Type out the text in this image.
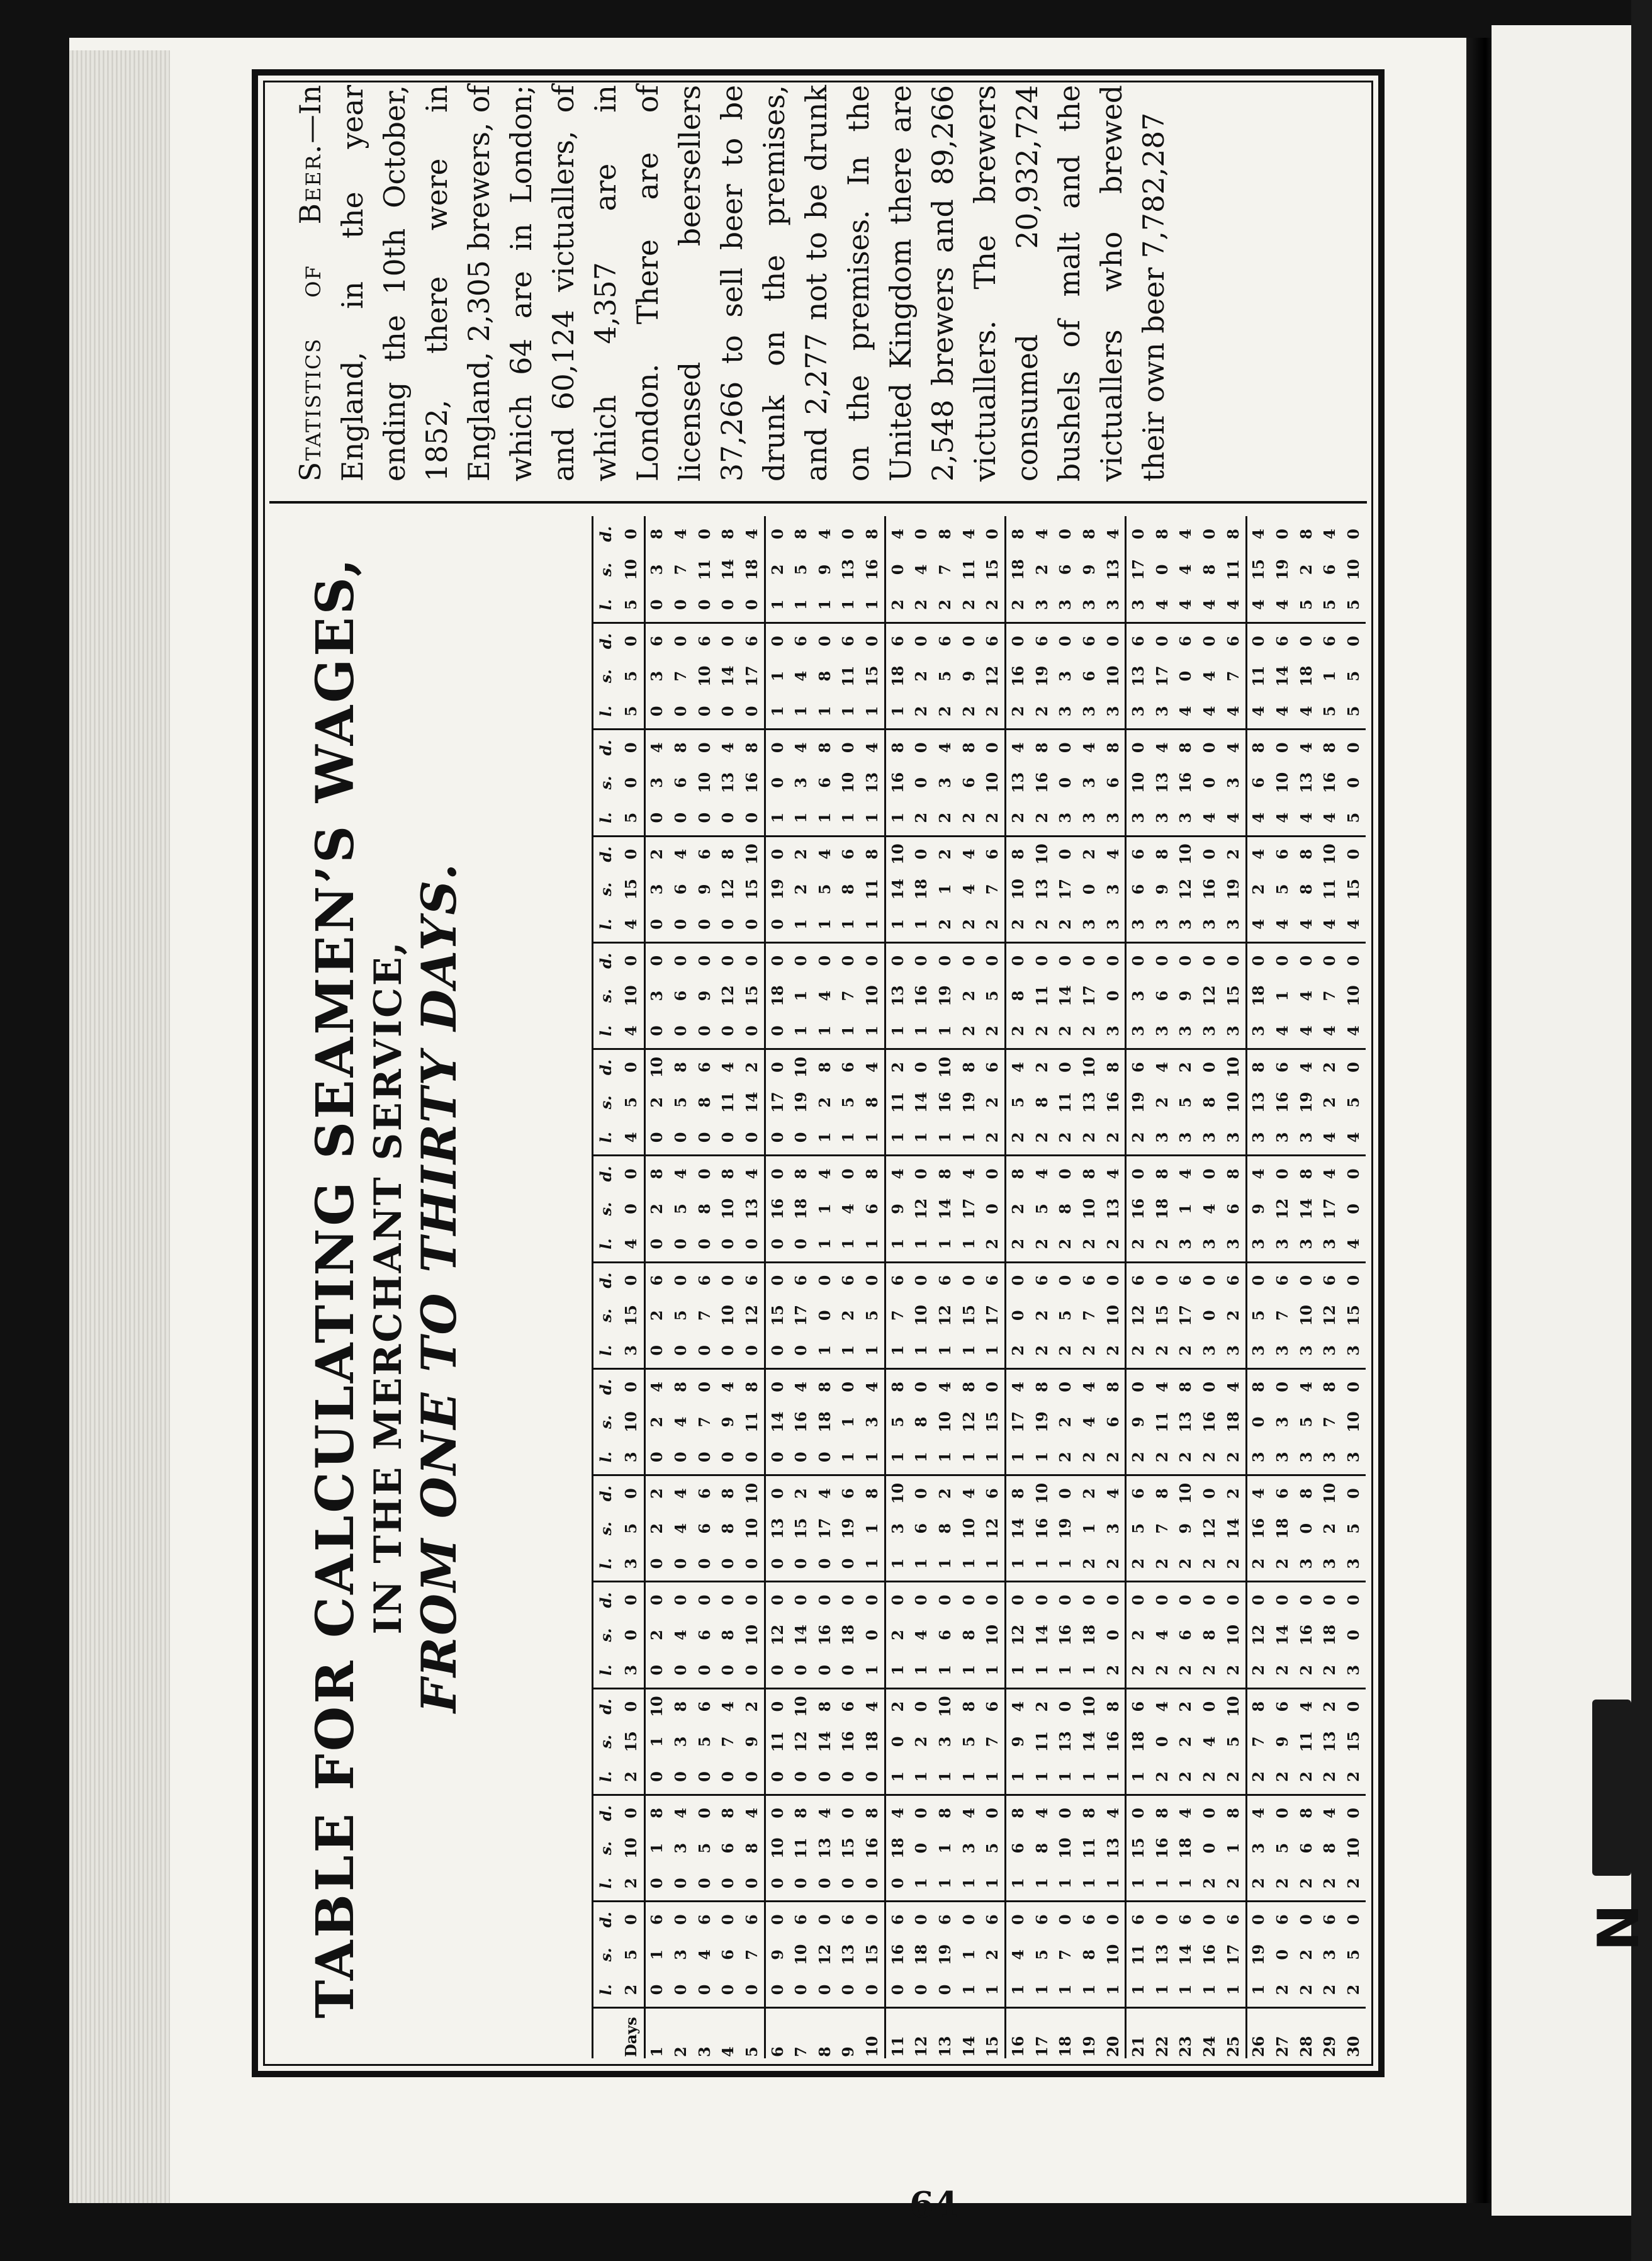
N
TABLE FOR CALCULATING SEAMEN’S WAGES, IN THE MERCHANT SERVICE, FROM ONE TO THIRTY DAYS.
	l.	s.	d.	l.	s.	d.	l.	s.	d.	l.	s.	d.	l.	s.	d.	l.	s.	d.	l.	s.	d.	l.	s.	d.	l.	s.	d.	l.	s.	d.	l.	s.	d.	l.	s.	d.	l.	s.	d.	l.	s.	d.
Days	2	5	0	2	10	0	2	15	0	3	0	0	3	5	0	3	10	0	3	15	0	4	0	0	4	5	0	4	10	0	4	15	0	5	0	0	5	5	0	5	10	0
1	0	1	6	0	1	8	0	1	10	0	2	0	0	2	2	0	2	4	0	2	6	0	2	8	0	2	10	0	3	0	0	3	2	0	3	4	0	3	6	0	3	8
2	0	3	0	0	3	4	0	3	8	0	4	0	0	4	4	0	4	8	0	5	0	0	5	4	0	5	8	0	6	0	0	6	4	0	6	8	0	7	0	0	7	4
3	0	4	6	0	5	0	0	5	6	0	6	0	0	6	6	0	7	0	0	7	6	0	8	0	0	8	6	0	9	0	0	9	6	0	10	0	0	10	6	0	11	0
4	0	6	0	0	6	8	0	7	4	0	8	0	0	8	8	0	9	4	0	10	0	0	10	8	0	11	4	0	12	0	0	12	8	0	13	4	0	14	0	0	14	8
5	0	7	6	0	8	4	0	9	2	0	10	0	0	10	10	0	11	8	0	12	6	0	13	4	0	14	2	0	15	0	0	15	10	0	16	8	0	17	6	0	18	4
6	0	9	0	0	10	0	0	11	0	0	12	0	0	13	0	0	14	0	0	15	0	0	16	0	0	17	0	0	18	0	0	19	0	1	0	0	1	1	0	1	2	0
7	0	10	6	0	11	8	0	12	10	0	14	0	0	15	2	0	16	4	0	17	6	0	18	8	0	19	10	1	1	0	1	2	2	1	3	4	1	4	6	1	5	8
8	0	12	0	0	13	4	0	14	8	0	16	0	0	17	4	0	18	8	1	0	0	1	1	4	1	2	8	1	4	0	1	5	4	1	6	8	1	8	0	1	9	4
9	0	13	6	0	15	0	0	16	6	0	18	0	0	19	6	1	1	0	1	2	6	1	4	0	1	5	6	1	7	0	1	8	6	1	10	0	1	11	6	1	13	0
10	0	15	0	0	16	8	0	18	4	1	0	0	1	1	8	1	3	4	1	5	0	1	6	8	1	8	4	1	10	0	1	11	8	1	13	4	1	15	0	1	16	8
11	0	16	6	0	18	4	1	0	2	1	2	0	1	3	10	1	5	8	1	7	6	1	9	4	1	11	2	1	13	0	1	14	10	1	16	8	1	18	6	2	0	4
12	0	18	0	1	0	0	1	2	0	1	4	0	1	6	0	1	8	0	1	10	0	1	12	0	1	14	0	1	16	0	1	18	0	2	0	0	2	2	0	2	4	0
13	0	19	6	1	1	8	1	3	10	1	6	0	1	8	2	1	10	4	1	12	6	1	14	8	1	16	10	1	19	0	2	1	2	2	3	4	2	5	6	2	7	8
14	1	1	0	1	3	4	1	5	8	1	8	0	1	10	4	1	12	8	1	15	0	1	17	4	1	19	8	2	2	0	2	4	4	2	6	8	2	9	0	2	11	4
15	1	2	6	1	5	0	1	7	6	1	10	0	1	12	6	1	15	0	1	17	6	2	0	0	2	2	6	2	5	0	2	7	6	2	10	0	2	12	6	2	15	0
16	1	4	0	1	6	8	1	9	4	1	12	0	1	14	8	1	17	4	2	0	0	2	2	8	2	5	4	2	8	0	2	10	8	2	13	4	2	16	0	2	18	8
17	1	5	6	1	8	4	1	11	2	1	14	0	1	16	10	1	19	8	2	2	6	2	5	4	2	8	2	2	11	0	2	13	10	2	16	8	2	19	6	3	2	4
18	1	7	0	1	10	0	1	13	0	1	16	0	1	19	0	2	2	0	2	5	0	2	8	0	2	11	0	2	14	0	2	17	0	3	0	0	3	3	0	3	6	0
19	1	8	6	1	11	8	1	14	10	1	18	0	2	1	2	2	4	4	2	7	6	2	10	8	2	13	10	2	17	0	3	0	2	3	3	4	3	6	6	3	9	8
20	1	10	0	1	13	4	1	16	8	2	0	0	2	3	4	2	6	8	2	10	0	2	13	4	2	16	8	3	0	0	3	3	4	3	6	8	3	10	0	3	13	4
21	1	11	6	1	15	0	1	18	6	2	2	0	2	5	6	2	9	0	2	12	6	2	16	0	2	19	6	3	3	0	3	6	6	3	10	0	3	13	6	3	17	0
22	1	13	0	1	16	8	2	0	4	2	4	0	2	7	8	2	11	4	2	15	0	2	18	8	3	2	4	3	6	0	3	9	8	3	13	4	3	17	0	4	0	8
23	1	14	6	1	18	4	2	2	2	2	6	0	2	9	10	2	13	8	2	17	6	3	1	4	3	5	2	3	9	0	3	12	10	3	16	8	4	0	6	4	4	4
24	1	16	0	2	0	0	2	4	0	2	8	0	2	12	0	2	16	0	3	0	0	3	4	0	3	8	0	3	12	0	3	16	0	4	0	0	4	4	0	4	8	0
25	1	17	6	2	1	8	2	5	10	2	10	0	2	14	2	2	18	4	3	2	6	3	6	8	3	10	10	3	15	0	3	19	2	4	3	4	4	7	6	4	11	8
26	1	19	0	2	3	4	2	7	8	2	12	0	2	16	4	3	0	8	3	5	0	3	9	4	3	13	8	3	18	0	4	2	4	4	6	8	4	11	0	4	15	4
27	2	0	6	2	5	0	2	9	6	2	14	0	2	18	6	3	3	0	3	7	6	3	12	0	3	16	6	4	1	0	4	5	6	4	10	0	4	14	6	4	19	0
28	2	2	0	2	6	8	2	11	4	2	16	0	3	0	8	3	5	4	3	10	0	3	14	8	3	19	4	4	4	0	4	8	8	4	13	4	4	18	0	5	2	8
29	2	3	6	2	8	4	2	13	2	2	18	0	3	2	10	3	7	8	3	12	6	3	17	4	4	2	2	4	7	0	4	11	10	4	16	8	5	1	6	5	6	4
30	2	5	0	2	10	0	2	15	0	3	0	0	3	5	0	3	10	0	3	15	0	4	0	0	4	5	0	4	10	0	4	15	0	5	0	0	5	5	0	5	10	0
Statistics of Beer.—In England, in the year ending the 10th October, 1852, there were in England, 2,305 brewers, of which 64 are in London; and 60,124 victuallers, of which 4,357 are in London. There are of licensed beersellers 37,266 to sell beer to be drunk on the premises, and 2,277 not to be drunk on the premises. In the United Kingdom there are 2,548 brewers and 89,266 victuallers. The brewers consumed 20,932,724 bushels of malt and the victuallers who brewed their own beer 7,782,287
64
